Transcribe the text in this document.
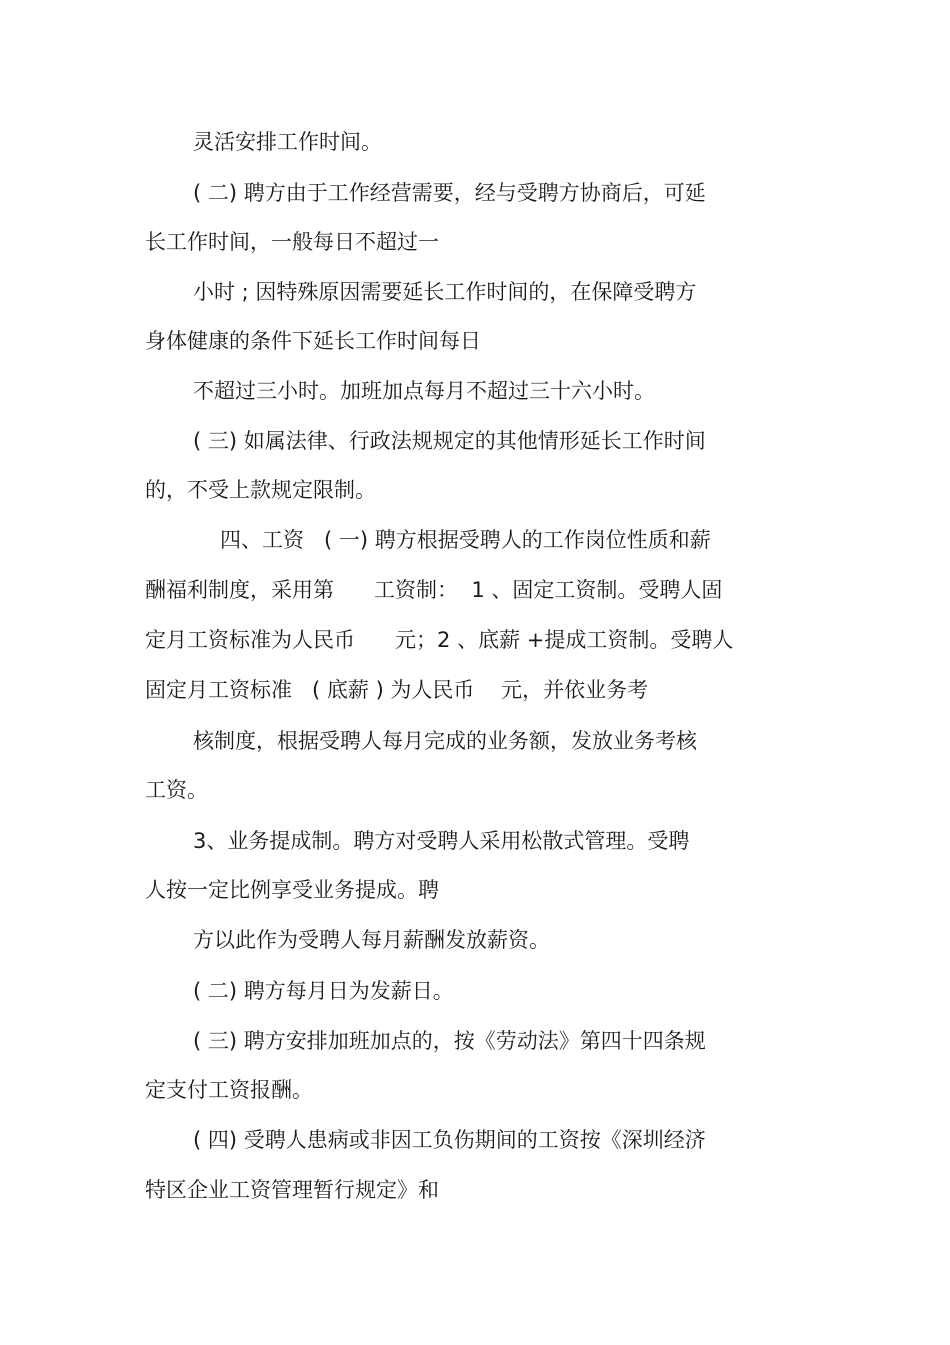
灵活安排工作时间。

( 二) 聘方由于工作经营需要，经与受聘方协商后，可延

长工作时间，一般每日不超过一

小时 ; 因特殊原因需要延长工作时间的，在保障受聘方

身体健康的条件下延长工作时间每日

不超过三小时。加班加点每月不超过三十六小时。

( 三) 如属法律、行政法规规定的其他情形延长工作时间

的，不受上款规定限制。

四、工资   ( 一) 聘方根据受聘人的工作岗位性质和薪

酬福利制度，采用第      工资制：  1 、固定工资制。受聘人固

定月工资标准为人民币      元；2 、底薪 +提成工资制。受聘人

固定月工资标准   ( 底薪 ) 为人民币    元，并依业务考

核制度，根据受聘人每月完成的业务额，发放业务考核

工资。

3、业务提成制。聘方对受聘人采用松散式管理。受聘

人按一定比例享受业务提成。聘

方以此作为受聘人每月薪酬发放薪资。

( 二) 聘方每月日为发薪日。

( 三) 聘方安排加班加点的，按《劳动法》第四十四条规

定支付工资报酬。

( 四) 受聘人患病或非因工负伤期间的工资按《深圳经济

特区企业工资管理暂行规定》和
